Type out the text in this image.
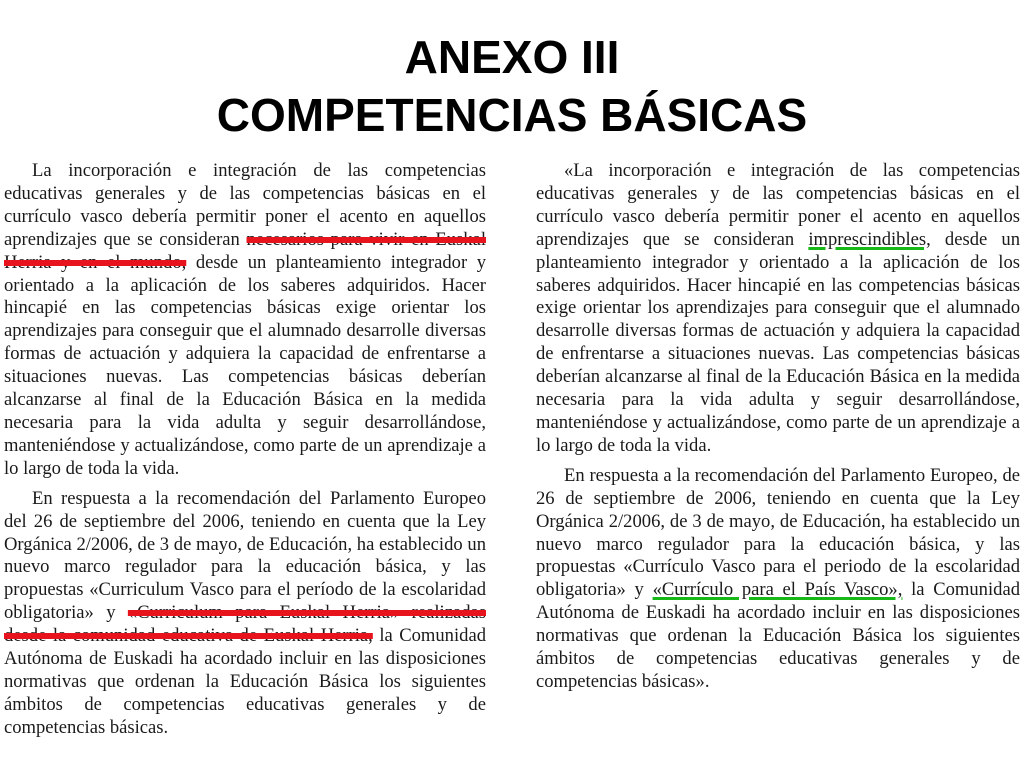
ANEXO III
COMPETENCIAS BÁSICAS

La incorporación e integración de las competencias educativas generales y de las competencias básicas en el currículo vasco debería permitir poner el acento en aquellos aprendizajes que se consideran necesarios para vivir en Euskal Herria y en el mundo, desde un planteamiento integrador y orientado a la aplicación de los saberes adquiridos. Hacer hincapié en las competencias básicas exige orientar los aprendizajes para conseguir que el alumnado desarrolle diversas formas de actuación y adquiera la capacidad de enfrentarse a situaciones nuevas. Las competencias básicas deberían alcanzarse al final de la Educación Básica en la medida necesaria para la vida adulta y seguir desarrollándose, manteniéndose y actualizándose, como parte de un aprendizaje a lo largo de toda la vida.

En respuesta a la recomendación del Parlamento Europeo del 26 de septiembre del 2006, teniendo en cuenta que la Ley Orgánica 2/2006, de 3 de mayo, de Educación, ha establecido un nuevo marco regulador para la educación básica, y las propuestas «Curriculum Vasco para el período de la escolaridad obligatoria» y «Curriculum para Euskal Herria» realizadas desde la comunidad educativa de Euskal Herria, la Comunidad Autónoma de Euskadi ha acordado incluir en las disposiciones normativas que ordenan la Educación Básica los siguientes ámbitos de competencias educativas generales y de competencias básicas.

«La incorporación e integración de las competencias educativas generales y de las competencias básicas en el currículo vasco debería permitir poner el acento en aquellos aprendizajes que se consideran imprescindibles, desde un planteamiento integrador y orientado a la aplicación de los saberes adquiridos. Hacer hincapié en las competencias básicas exige orientar los aprendizajes para conseguir que el alumnado desarrolle diversas formas de actuación y adquiera la capacidad de enfrentarse a situaciones nuevas. Las competencias básicas deberían alcanzarse al final de la Educación Básica en la medida necesaria para la vida adulta y seguir desarrollándose, manteniéndose y actualizándose, como parte de un aprendizaje a lo largo de toda la vida.

En respuesta a la recomendación del Parlamento Europeo, de 26 de septiembre de 2006, teniendo en cuenta que la Ley Orgánica 2/2006, de 3 de mayo, de Educación, ha establecido un nuevo marco regulador para la educación básica, y las propuestas «Currículo Vasco para el periodo de la escolaridad obligatoria» y «Currículo para el País Vasco», la Comunidad Autónoma de Euskadi ha acordado incluir en las disposiciones normativas que ordenan la Educación Básica los siguientes ámbitos de competencias educativas generales y de competencias básicas».
